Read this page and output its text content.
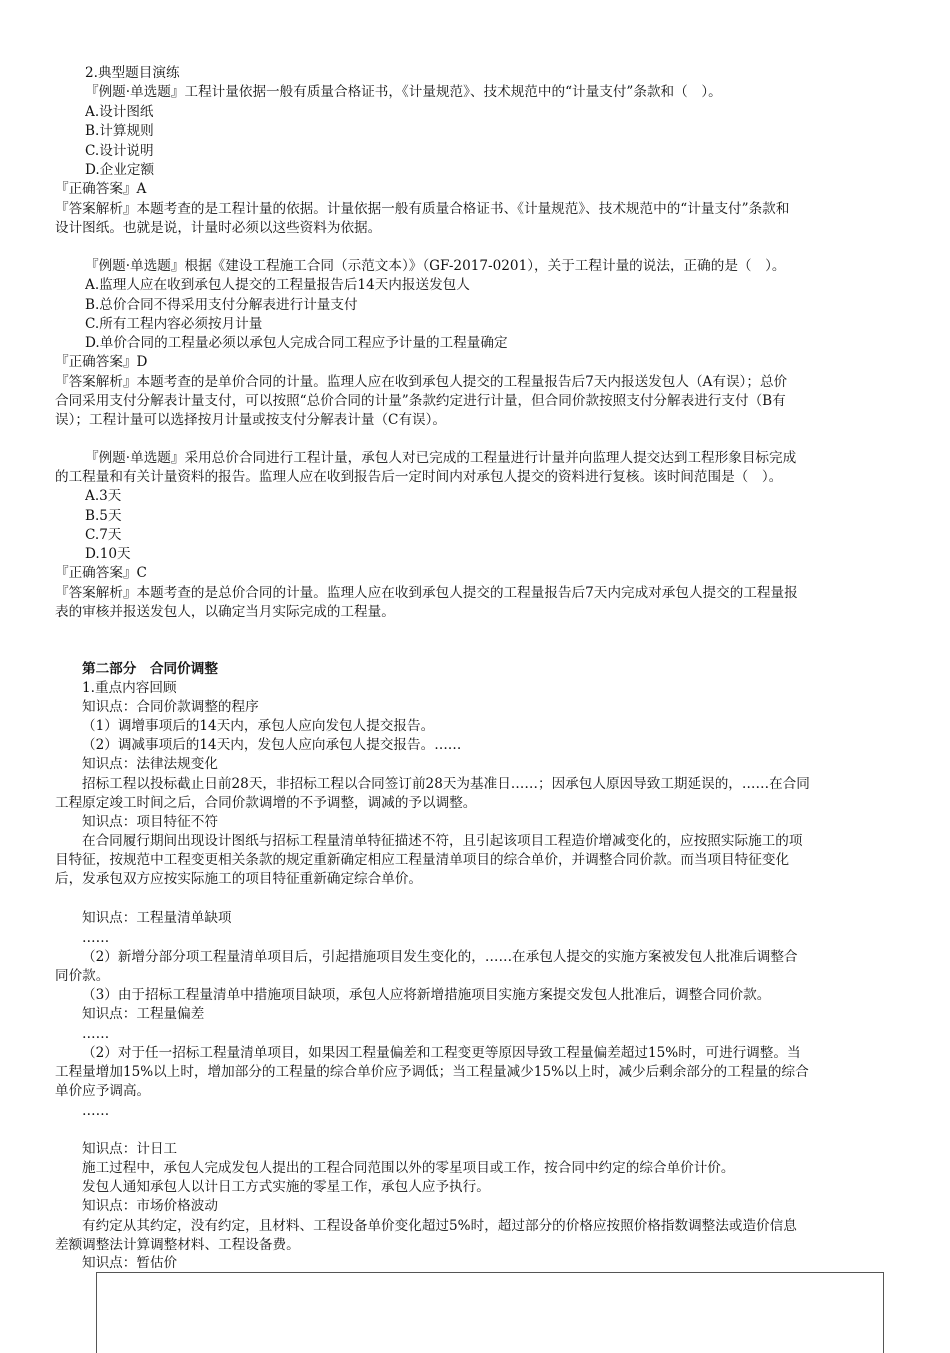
2.典型题目演练
『例题·单选题』工程计量依据一般有质量合格证书，《计量规范》、技术规范中的“计量支付”条款和（　）。
A.设计图纸
B.计算规则
C.设计说明
D.企业定额
『正确答案』A
『答案解析』本题考查的是工程计量的依据。计量依据一般有质量合格证书、《计量规范》、技术规范中的“计量支付”条款和
设计图纸。也就是说，计量时必须以这些资料为依据。
『例题·单选题』根据《建设工程施工合同（示范文本）》（GF-2017-0201），关于工程计量的说法，正确的是（　）。
A.监理人应在收到承包人提交的工程量报告后14天内报送发包人
B.总价合同不得采用支付分解表进行计量支付
C.所有工程内容必须按月计量
D.单价合同的工程量必须以承包人完成合同工程应予计量的工程量确定
『正确答案』D
『答案解析』本题考查的是单价合同的计量。监理人应在收到承包人提交的工程量报告后7天内报送发包人（A有误）；总价
合同采用支付分解表计量支付，可以按照“总价合同的计量”条款约定进行计量，但合同价款按照支付分解表进行支付（B有
误）；工程计量可以选择按月计量或按支付分解表计量（C有误）。
『例题·单选题』采用总价合同进行工程计量，承包人对已完成的工程量进行计量并向监理人提交达到工程形象目标完成
的工程量和有关计量资料的报告。监理人应在收到报告后一定时间内对承包人提交的资料进行复核。该时间范围是（　）。
A.3天
B.5天
C.7天
D.10天
『正确答案』C
『答案解析』本题考查的是总价合同的计量。监理人应在收到承包人提交的工程量报告后7天内完成对承包人提交的工程量报
表的审核并报送发包人，以确定当月实际完成的工程量。
第二部分　合同价调整
1.重点内容回顾
知识点：合同价款调整的程序
（1）调增事项后的14天内，承包人应向发包人提交报告。
（2）调减事项后的14天内，发包人应向承包人提交报告。……
知识点：法律法规变化
招标工程以投标截止日前28天，非招标工程以合同签订前28天为基准日……；因承包人原因导致工期延误的，……在合同
工程原定竣工时间之后，合同价款调增的不予调整，调减的予以调整。
知识点：项目特征不符
在合同履行期间出现设计图纸与招标工程量清单特征描述不符，且引起该项目工程造价增减变化的，应按照实际施工的项
目特征，按规范中工程变更相关条款的规定重新确定相应工程量清单项目的综合单价，并调整合同价款。而当项目特征变化
后，发承包双方应按实际施工的项目特征重新确定综合单价。
知识点：工程量清单缺项
……
（2）新增分部分项工程量清单项目后，引起措施项目发生变化的，……在承包人提交的实施方案被发包人批准后调整合
同价款。
（3）由于招标工程量清单中措施项目缺项，承包人应将新增措施项目实施方案提交发包人批准后，调整合同价款。
知识点：工程量偏差
……
（2）对于任一招标工程量清单项目，如果因工程量偏差和工程变更等原因导致工程量偏差超过15%时，可进行调整。当
工程量增加15%以上时，增加部分的工程量的综合单价应予调低；当工程量减少15%以上时，减少后剩余部分的工程量的综合
单价应予调高。
……
知识点：计日工
施工过程中，承包人完成发包人提出的工程合同范围以外的零星项目或工作，按合同中约定的综合单价计价。
发包人通知承包人以计日工方式实施的零星工作，承包人应予执行。
知识点：市场价格波动
有约定从其约定，没有约定，且材料、工程设备单价变化超过5%时，超过部分的价格应按照价格指数调整法或造价信息
差额调整法计算调整材料、工程设备费。
知识点：暂估价
